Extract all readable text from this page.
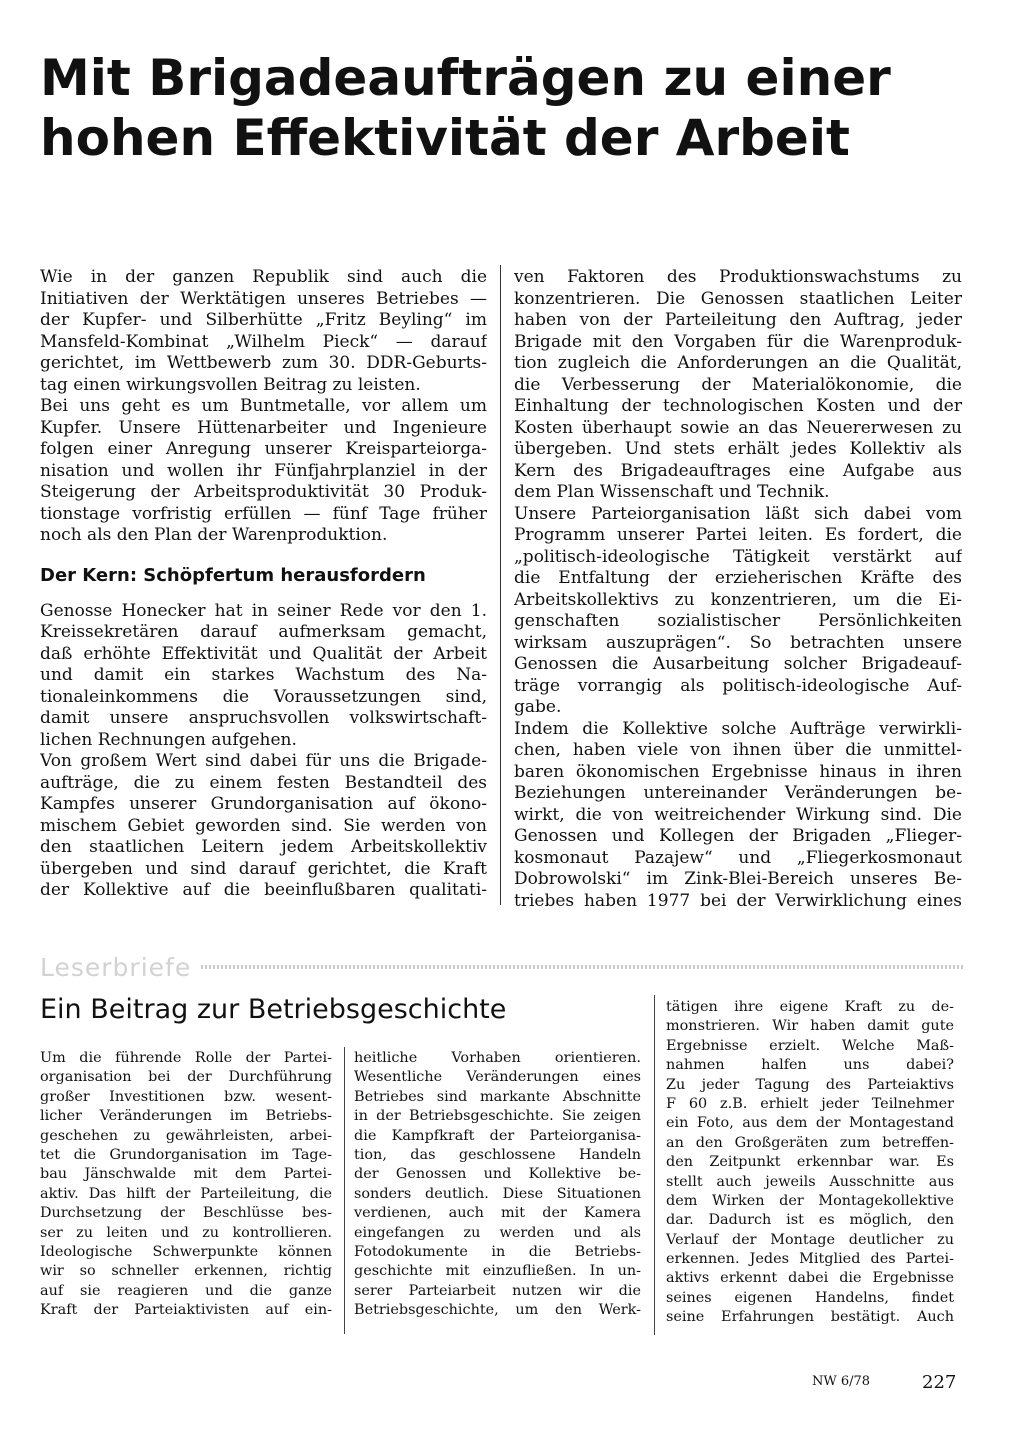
Mit Brigadeaufträgen zu einer
hohen Effektivität der Arbeit
Wie in der ganzen Republik sind auch die
Initiativen der Werktätigen unseres Betriebes —
der Kupfer- und Silberhütte „Fritz Beyling“ im
Mansfeld-Kombinat „Wilhelm Pieck“ — darauf
gerichtet, im Wettbewerb zum 30. DDR-Geburts-
tag einen wirkungsvollen Beitrag zu leisten.
Bei uns geht es um Buntmetalle, vor allem um
Kupfer. Unsere Hüttenarbeiter und Ingenieure
folgen einer Anregung unserer Kreisparteiorga-
nisation und wollen ihr Fünfjahrplanziel in der
Steigerung der Arbeitsproduktivität 30 Produk-
tionstage vorfristig erfüllen — fünf Tage früher
noch als den Plan der Warenproduktion.
Der Kern: Schöpfertum herausfordern
Genosse Honecker hat in seiner Rede vor den 1.
Kreissekretären darauf aufmerksam gemacht,
daß erhöhte Effektivität und Qualität der Arbeit
und damit ein starkes Wachstum des Na-
tionaleinkommens die Voraussetzungen sind,
damit unsere anspruchsvollen volkswirtschaft-
lichen Rechnungen aufgehen.
Von großem Wert sind dabei für uns die Brigade-
aufträge, die zu einem festen Bestandteil des
Kampfes unserer Grundorganisation auf ökono-
mischem Gebiet geworden sind. Sie werden von
den staatlichen Leitern jedem Arbeitskollektiv
übergeben und sind darauf gerichtet, die Kraft
der Kollektive auf die beeinflußbaren qualitati-
ven Faktoren des Produktionswachstums zu
konzentrieren. Die Genossen staatlichen Leiter
haben von der Parteileitung den Auftrag, jeder
Brigade mit den Vorgaben für die Warenproduk-
tion zugleich die Anforderungen an die Qualität,
die Verbesserung der Materialökonomie, die
Einhaltung der technologischen Kosten und der
Kosten überhaupt sowie an das Neuererwesen zu
übergeben. Und stets erhält jedes Kollektiv als
Kern des Brigadeauftrages eine Aufgabe aus
dem Plan Wissenschaft und Technik.
Unsere Parteiorganisation läßt sich dabei vom
Programm unserer Partei leiten. Es fordert, die
„politisch-ideologische Tätigkeit verstärkt auf
die Entfaltung der erzieherischen Kräfte des
Arbeitskollektivs zu konzentrieren, um die Ei-
genschaften sozialistischer Persönlichkeiten
wirksam auszuprägen“. So betrachten unsere
Genossen die Ausarbeitung solcher Brigadeauf-
träge vorrangig als politisch-ideologische Auf-
gabe.
Indem die Kollektive solche Aufträge verwirkli-
chen, haben viele von ihnen über die unmittel-
baren ökonomischen Ergebnisse hinaus in ihren
Beziehungen untereinander Veränderungen be-
wirkt, die von weitreichender Wirkung sind. Die
Genossen und Kollegen der Brigaden „Flieger-
kosmonaut Pazajew“ und „Fliegerkosmonaut
Dobrowolski“ im Zink-Blei-Bereich unseres Be-
triebes haben 1977 bei der Verwirklichung eines
Leserbriefe
Ein Beitrag zur Betriebsgeschichte
Um die führende Rolle der Partei-
organisation bei der Durchführung
großer Investitionen bzw. wesent-
licher Veränderungen im Betriebs-
geschehen zu gewährleisten, arbei-
tet die Grundorganisation im Tage-
bau Jänschwalde mit dem Partei-
aktiv. Das hilft der Parteileitung, die
Durchsetzung der Beschlüsse bes-
ser zu leiten und zu kontrollieren.
Ideologische Schwerpunkte können
wir so schneller erkennen, richtig
auf sie reagieren und die ganze
Kraft der Parteiaktivisten auf ein-
heitliche Vorhaben orientieren.
Wesentliche Veränderungen eines
Betriebes sind markante Abschnitte
in der Betriebsgeschichte. Sie zeigen
die Kampfkraft der Parteiorganisa-
tion, das geschlossene Handeln
der Genossen und Kollektive be-
sonders deutlich. Diese Situationen
verdienen, auch mit der Kamera
eingefangen zu werden und als
Fotodokumente in die Betriebs-
geschichte mit einzufließen. In un-
serer Parteiarbeit nutzen wir die
Betriebsgeschichte, um den Werk-
tätigen ihre eigene Kraft zu de-
monstrieren. Wir haben damit gute
Ergebnisse erzielt. Welche Maß-
nahmen halfen uns dabei?
Zu jeder Tagung des Parteiaktivs
F 60 z.B. erhielt jeder Teilnehmer
ein Foto, aus dem der Montagestand
an den Großgeräten zum betreffen-
den Zeitpunkt erkennbar war. Es
stellt auch jeweils Ausschnitte aus
dem Wirken der Montagekollektive
dar. Dadurch ist es möglich, den
Verlauf der Montage deutlicher zu
erkennen. Jedes Mitglied des Partei-
aktivs erkennt dabei die Ergebnisse
seines eigenen Handelns, findet
seine Erfahrungen bestätigt. Auch
NW 6/78	227
